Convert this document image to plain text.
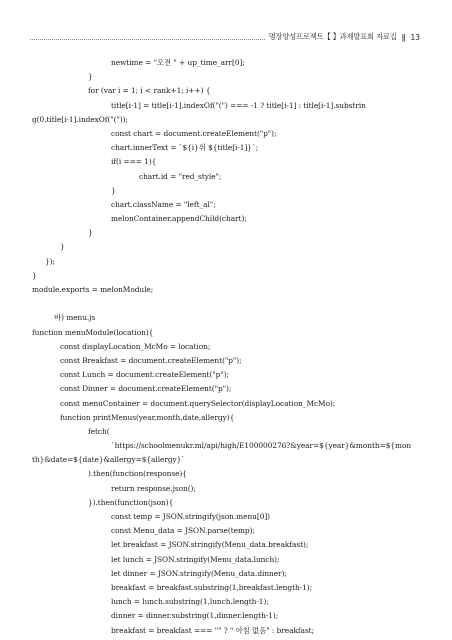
명장양성프로젝트【 】과제발표회 자료집 ǁ 13
newtime = "오전 " + up_time_arr[0];
}
for (var i = 1; i < rank+1; i++) {
title[i-1] = title[i-1].indexOf("(") === -1 ? title[i-1] : title[i-1].substrin
g(0,title[i-1].indexOf("("));
const chart = document.createElement("p");
chart.innerText = `${i}위 ${title[i-1]}`;
if(i === 1){
chart.id = "red_style";
}
chart.className = "left_al";
melonContainer.appendChild(chart);
}
}
});
}
module.exports = melonModule;
바) menu.js
function menuModule(location){
const displayLocation_McMo = location;
const Breakfast = document.createElement("p");
const Lunch = document.createElement("p");
const Dinner = document.createElement("p");
const menuContainer = document.querySelector(displayLocation_McMo);
function printMenus(year,month,date,allergy){
fetch(
`https://schoolmenukr.ml/api/high/E100000276?&year=${year}&month=${mon
th}&date=${date}&allergy=${allergy}`
).then(function(response){
return response.json();
}).then(function(json){
const temp = JSON.stringify(json.menu[0])
const Menu_data = JSON.parse(temp);
let breakfast = JSON.stringify(Menu_data.breakfast);
let lunch = JSON.stringify(Menu_data.lunch);
let dinner = JSON.stringify(Menu_data.dinner);
breakfast = breakfast.substring(1,breakfast.length-1);
lunch = lunch.substring(1,lunch.length-1);
dinner = dinner.substring(1,dinner.length-1);
breakfast = breakfast === "" ? " 아침 없음" : breakfast;
